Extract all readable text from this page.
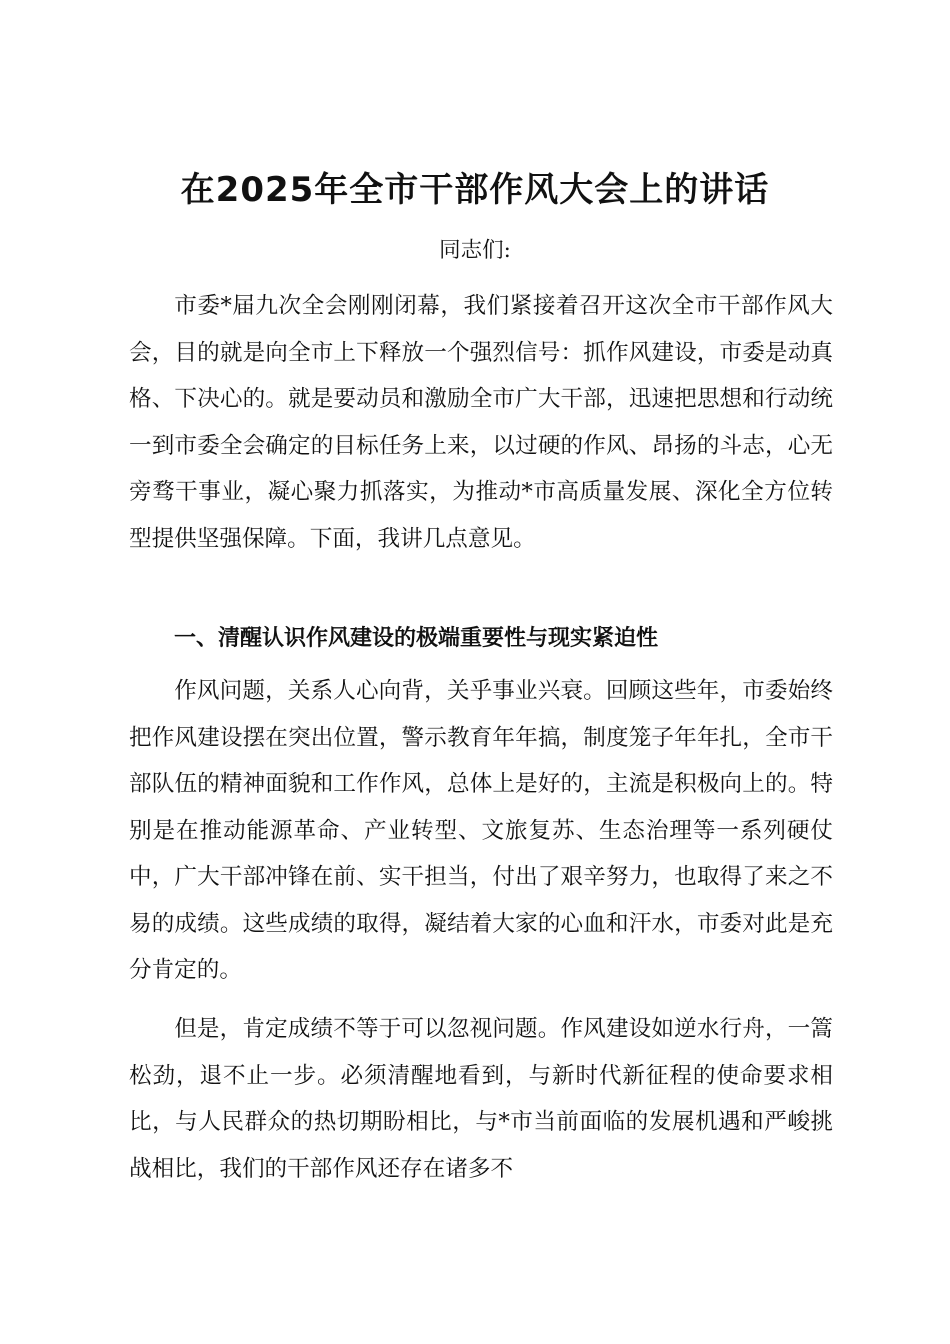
在2025年全市干部作风大会上的讲话

同志们:

市委*届九次全会刚刚闭幕，我们紧接着召开这次全市干部作风大会，目的就是向全市上下释放一个强烈信号：抓作风建设，市委是动真格、下决心的。就是要动员和激励全市广大干部，迅速把思想和行动统一到市委全会确定的目标任务上来，以过硬的作风、昂扬的斗志，心无旁骛干事业，凝心聚力抓落实，为推动*市高质量发展、深化全方位转型提供坚强保障。下面，我讲几点意见。

一、清醒认识作风建设的极端重要性与现实紧迫性

作风问题，关系人心向背，关乎事业兴衰。回顾这些年，市委始终把作风建设摆在突出位置，警示教育年年搞，制度笼子年年扎，全市干部队伍的精神面貌和工作作风，总体上是好的，主流是积极向上的。特别是在推动能源革命、产业转型、文旅复苏、生态治理等一系列硬仗中，广大干部冲锋在前、实干担当，付出了艰辛努力，也取得了来之不易的成绩。这些成绩的取得，凝结着大家的心血和汗水，市委对此是充分肯定的。

但是，肯定成绩不等于可以忽视问题。作风建设如逆水行舟，一篙松劲，退不止一步。必须清醒地看到，与新时代新征程的使命要求相比，与人民群众的热切期盼相比，与*市当前面临的发展机遇和严峻挑战相比，我们的干部作风还存在诸多不
